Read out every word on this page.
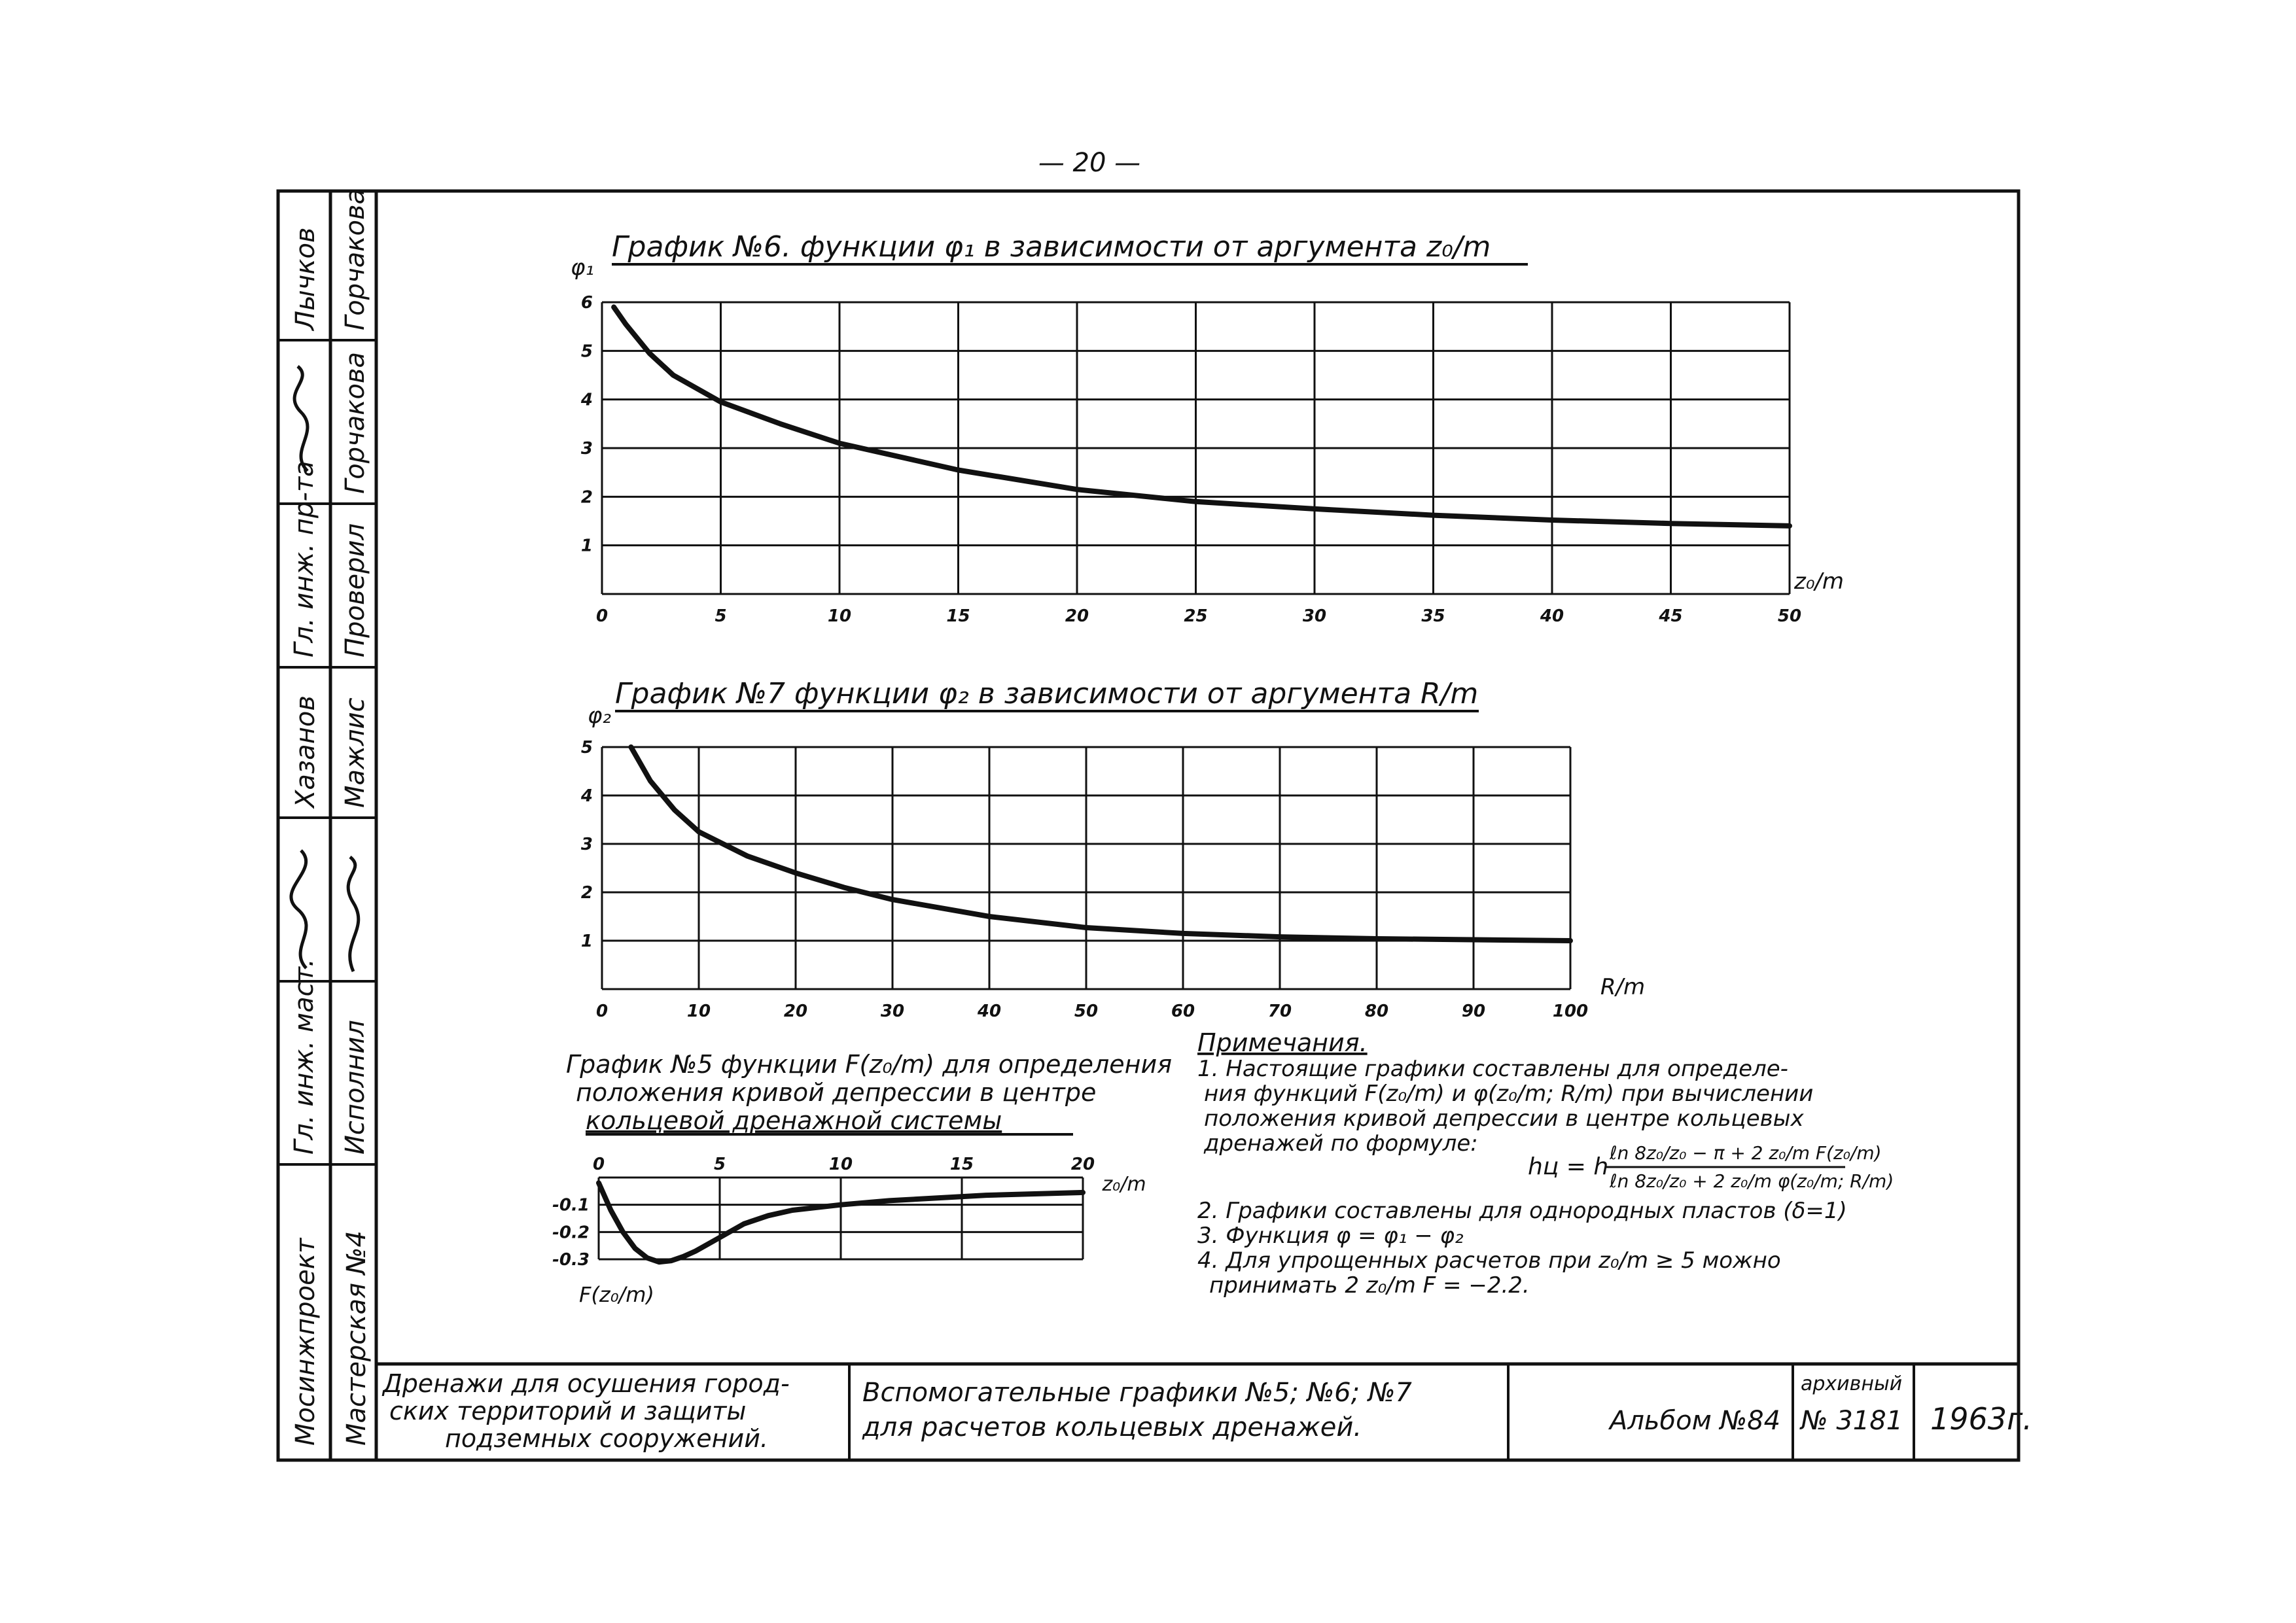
— 20 —
Мосинжпроект Мастерская №4
Гл. инж. маст. Исполнил
Гл. инж. пр-та Проверил
Хазанов Мажлис
Лычков Горчакова
Горчакова
График №6. функции φ₁ в зависимости от аргумента z₀/m
φ₁
z₀/m
0	5	10	15	20	25	30	35	40	45	50
1
2
3
4
5
6
График №7 функции φ₂ в зависимости от аргумента R/m
φ₂
R/m
0	10	20	30	40	50	60	70	80	90	100
1
2
3
4
5
График №5 функции F(z₀/m) для определения
положения кривой депрессии в центре
кольцевой дренажной системы
F(z₀/m)
z₀/m
0	5	10	15	20
-0.1
-0.2
-0.3
Примечания.
1. Настоящие графики составлены для определе-
ния функций F(z₀/m) и φ(z₀/m; R/m) при вычислении
положения кривой депрессии в центре кольцевых
дренажей по формуле:
hц = h
ℓn 8z₀/z₀ − π + 2 z₀/m F(z₀/m)
ℓn 8z₀/z₀ + 2 z₀/m φ(z₀/m; R/m)
2. Графики составлены для однородных пластов (δ=1)
3. Функция φ = φ₁ − φ₂
4. Для упрощенных расчетов при z₀/m ≥ 5 можно
принимать 2 z₀/m F = −2.2.
Дренажи для осушения город-
ских территорий и защиты
подземных сооружений.
Вспомогательные графики №5; №6; №7
для расчетов кольцевых дренажей.	Альбом №84
архивный
№ 3181 1963г.
